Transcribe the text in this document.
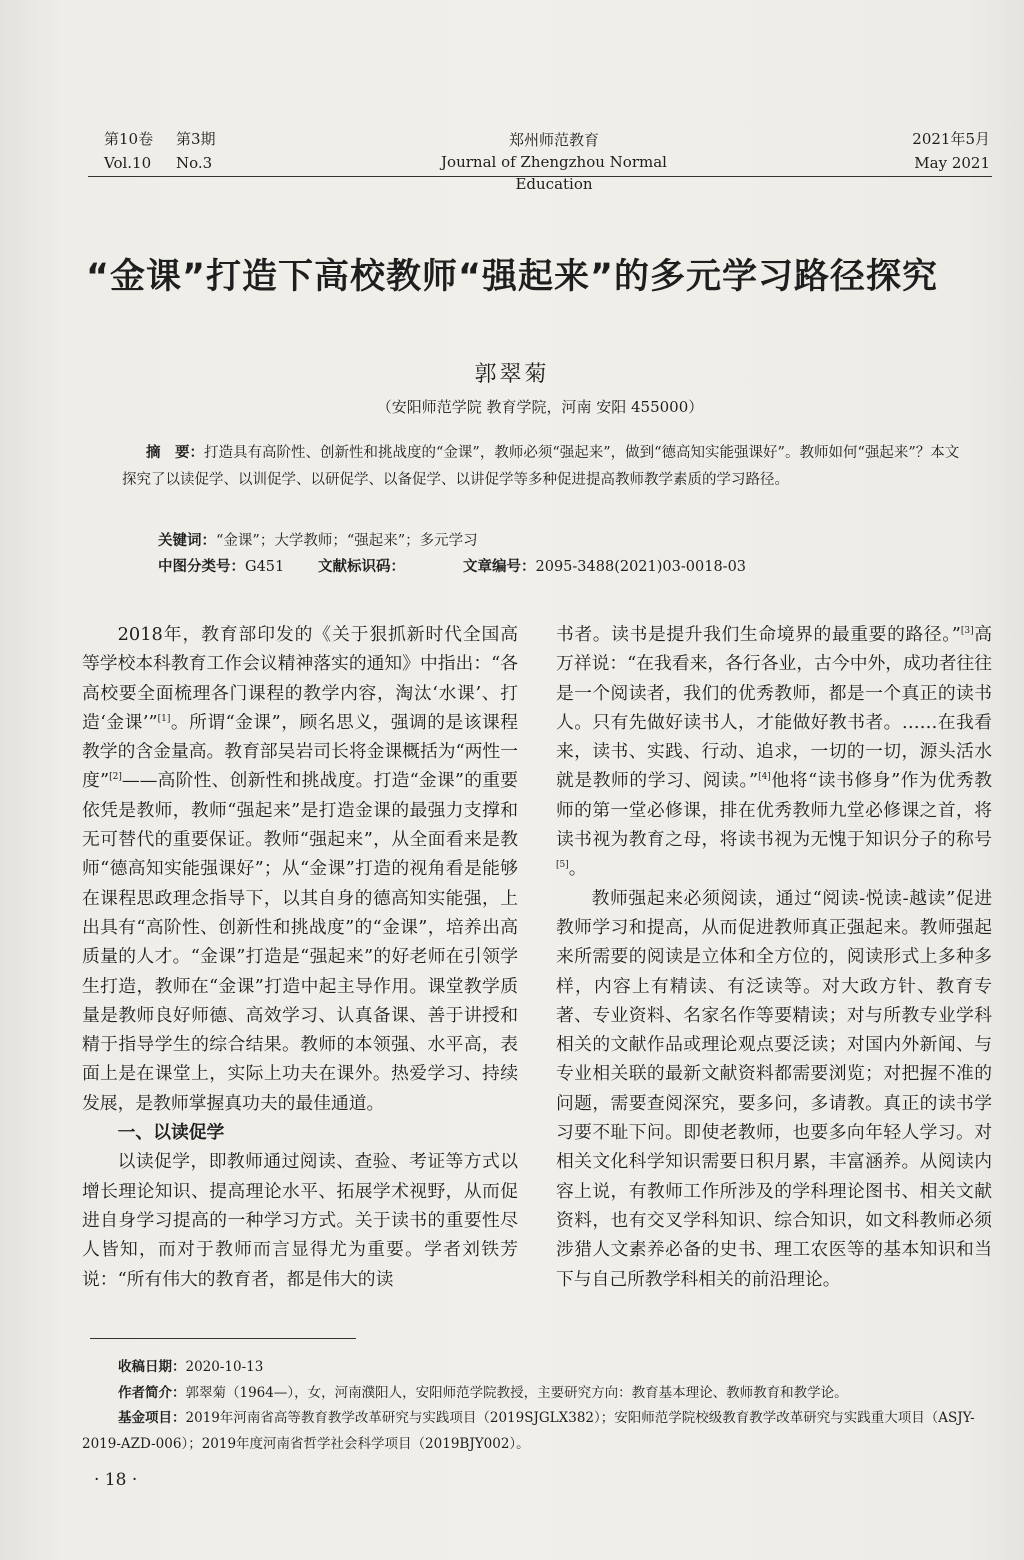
第10卷 第3期
Vol.10 No.3
郑州师范教育
Journal of Zhengzhou Normal Education
2021年5月
May 2021
“金课”打造下高校教师“强起来”的多元学习路径探究
郭翠菊
（安阳师范学院 教育学院，河南 安阳 455000）
摘　要：打造具有高阶性、创新性和挑战度的“金课”，教师必须“强起来”，做到“德高知实能强课好”。教师如何“强起来”？本文探究了以读促学、以训促学、以研促学、以备促学、以讲促学等多种促进提高教师教学素质的学习路径。
关键词：“金课”；大学教师；“强起来”；多元学习
中图分类号：G451 文献标识码：	文章编号：2095-3488(2021)03-0018-03

2018年，教育部印发的《关于狠抓新时代全国高等学校本科教育工作会议精神落实的通知》中指出：“各高校要全面梳理各门课程的教学内容，淘汰‘水课’、打造‘金课’”[1]。所谓“金课”，顾名思义，强调的是该课程教学的含金量高。教育部吴岩司长将金课概括为“两性一度”[2]——高阶性、创新性和挑战度。打造“金课”的重要依凭是教师，教师“强起来”是打造金课的最强力支撑和无可替代的重要保证。教师“强起来”，从全面看来是教师“德高知实能强课好”；从“金课”打造的视角看是能够在课程思政理念指导下，以其自身的德高知实能强，上出具有“高阶性、创新性和挑战度”的“金课”，培养出高质量的人才。“金课”打造是“强起来”的好老师在引领学生打造，教师在“金课”打造中起主导作用。课堂教学质量是教师良好师德、高效学习、认真备课、善于讲授和精于指导学生的综合结果。教师的本领强、水平高，表面上是在课堂上，实际上功夫在课外。热爱学习、持续发展，是教师掌握真功夫的最佳通道。

一、以读促学

以读促学，即教师通过阅读、查验、考证等方式以增长理论知识、提高理论水平、拓展学术视野，从而促进自身学习提高的一种学习方式。关于读书的重要性尽人皆知，而对于教师而言显得尤为重要。学者刘铁芳说：“所有伟大的教育者，都是伟大的读

书者。读书是提升我们生命境界的最重要的路径。”[3]高万祥说：“在我看来，各行各业，古今中外，成功者往往是一个阅读者，我们的优秀教师，都是一个真正的读书人。只有先做好读书人，才能做好教书者。……在我看来，读书、实践、行动、追求，一切的一切，源头活水就是教师的学习、阅读。”[4]他将“读书修身”作为优秀教师的第一堂必修课，排在优秀教师九堂必修课之首，将读书视为教育之母，将读书视为无愧于知识分子的称号[5]。

教师强起来必须阅读，通过“阅读-悦读-越读”促进教师学习和提高，从而促进教师真正强起来。教师强起来所需要的阅读是立体和全方位的，阅读形式上多种多样，内容上有精读、有泛读等。对大政方针、教育专著、专业资料、名家名作等要精读；对与所教专业学科相关的文献作品或理论观点要泛读；对国内外新闻、与专业相关联的最新文献资料都需要浏览；对把握不准的问题，需要查阅深究，要多问，多请教。真正的读书学习要不耻下问。即使老教师，也要多向年轻人学习。对相关文化科学知识需要日积月累，丰富涵养。从阅读内容上说，有教师工作所涉及的学科理论图书、相关文献资料，也有交叉学科知识、综合知识，如文科教师必须涉猎人文素养必备的史书、理工农医等的基本知识和当下与自己所教学科相关的前沿理论。

收稿日期：2020-10-13
作者简介：郭翠菊（1964—），女，河南濮阳人，安阳师范学院教授，主要研究方向：教育基本理论、教师教育和教学论。
基金项目：2019年河南省高等教育教学改革研究与实践项目（2019SJGLX382）；安阳师范学院校级教育教学改革研究与实践重大项目（ASJY-2019-AZD-006）；2019年度河南省哲学社会科学项目（2019BJY002）。
· 18 ·
